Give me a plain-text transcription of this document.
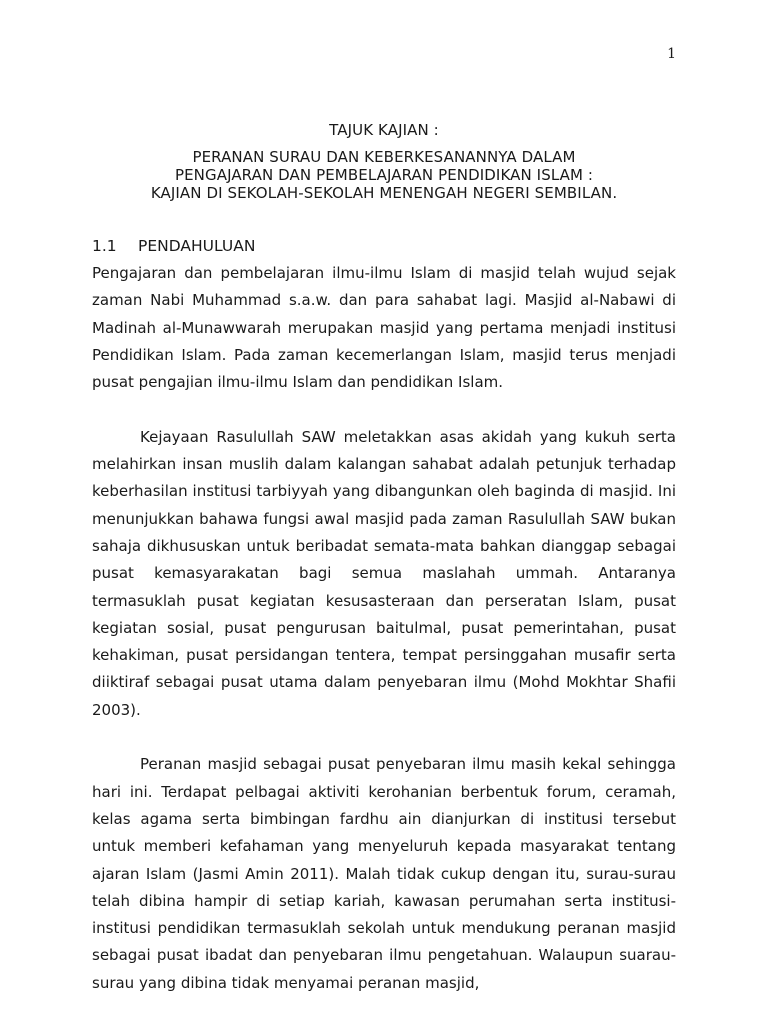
1
TAJUK KAJIAN :
PERANAN SURAU DAN KEBERKESANANNYA DALAM
PENGAJARAN DAN PEMBELAJARAN PENDIDIKAN ISLAM :
KAJIAN DI SEKOLAH-SEKOLAH MENENGAH NEGERI SEMBILAN.
1.1 PENDAHULUAN

Pengajaran dan pembelajaran ilmu-ilmu Islam di masjid telah wujud sejak zaman Nabi Muhammad s.a.w. dan para sahabat lagi. Masjid al-Nabawi di Madinah al-Munawwarah merupakan masjid yang pertama menjadi institusi Pendidikan Islam. Pada zaman kecemerlangan Islam, masjid terus menjadi pusat pengajian ilmu-ilmu Islam dan pendidikan Islam.

Kejayaan Rasulullah SAW meletakkan asas akidah yang kukuh serta melahirkan insan muslih dalam kalangan sahabat adalah petunjuk terhadap keberhasilan institusi tarbiyyah yang dibangunkan oleh baginda di masjid. Ini menunjukkan bahawa fungsi awal masjid pada zaman Rasulullah SAW bukan sahaja dikhususkan untuk beribadat semata-mata bahkan dianggap sebagai pusat kemasyarakatan bagi semua maslahah ummah. Antaranya termasuklah pusat kegiatan kesusasteraan dan perseratan Islam, pusat kegiatan sosial, pusat pengurusan baitulmal, pusat pemerintahan, pusat kehakiman, pusat persidangan tentera, tempat persinggahan musafir serta diiktiraf sebagai pusat utama dalam penyebaran ilmu (Mohd Mokhtar Shafii 2003).

Peranan masjid sebagai pusat penyebaran ilmu masih kekal sehingga hari ini. Terdapat pelbagai aktiviti kerohanian berbentuk forum, ceramah, kelas agama serta bimbingan fardhu ain dianjurkan di institusi tersebut untuk memberi kefahaman yang menyeluruh kepada masyarakat tentang ajaran Islam (Jasmi Amin 2011). Malah tidak cukup dengan itu, surau-surau telah dibina hampir di setiap kariah, kawasan perumahan serta institusi-institusi pendidikan termasuklah sekolah untuk mendukung peranan masjid sebagai pusat ibadat dan penyebaran ilmu pengetahuan. Walaupun suarau-surau yang dibina tidak menyamai peranan masjid,
